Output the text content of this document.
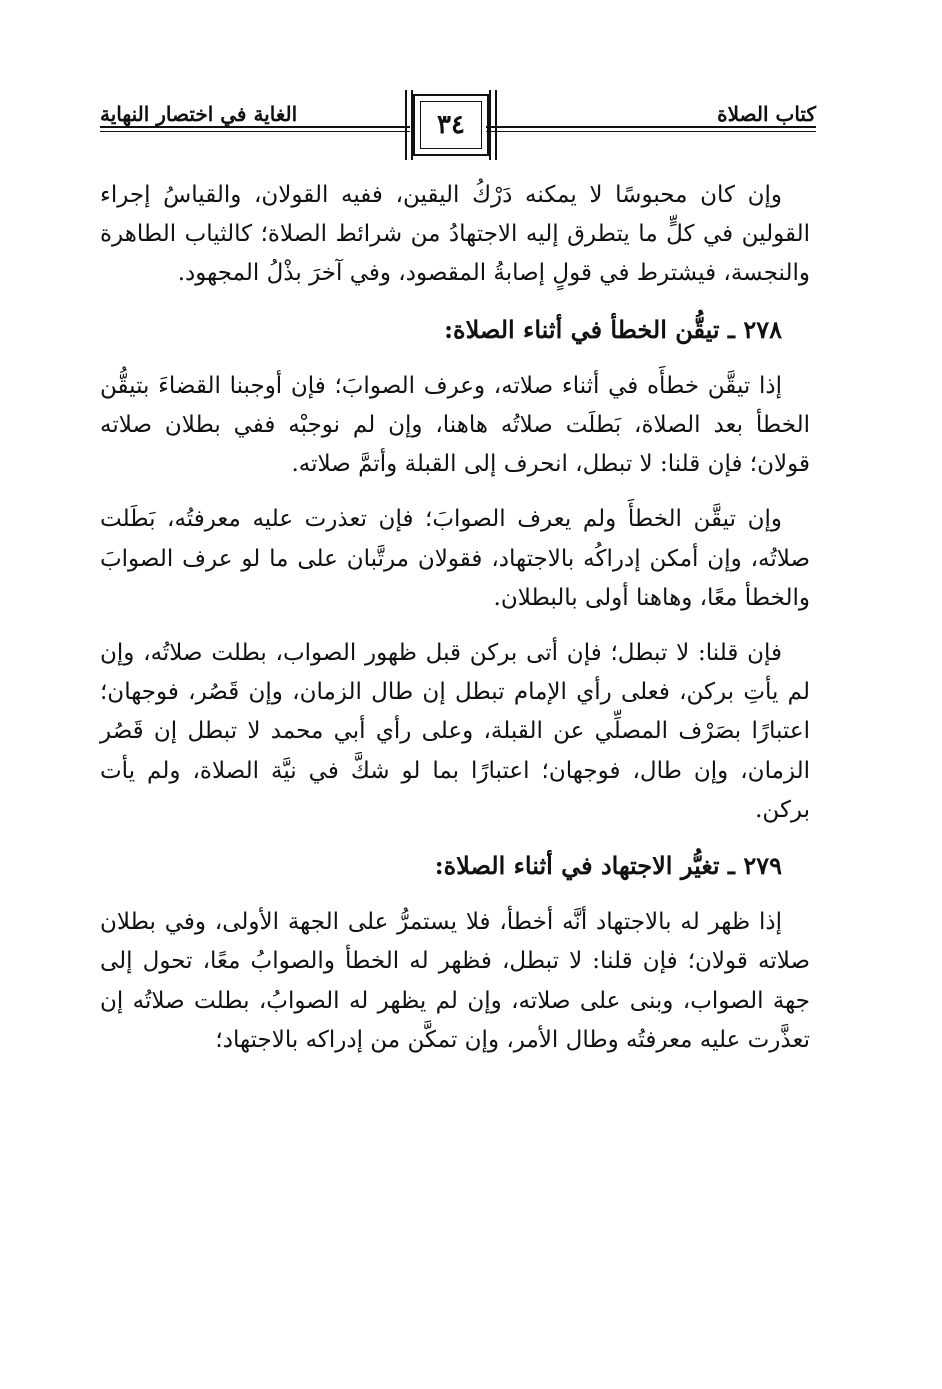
كتاب الصلاة
الغاية في اختصار النهاية	٣٤

وإن كان محبوسًا لا يمكنه دَرْكُ اليقين، ففيه القولان، والقياسُ إجراء القولين في كلٍّ ما يتطرق إليه الاجتهادُ من شرائط الصلاة؛ كالثياب الطاهرة والنجسة، فيشترط في قولٍ إصابةُ المقصود، وفي آخرَ بذْلُ المجهود.

٢٧٨ ـ تيقُّن الخطأ في أثناء الصلاة:

إذا تيقَّن خطأَه في أثناء صلاته، وعرف الصوابَ؛ فإن أوجبنا القضاءَ بتيقُّن الخطأ بعد الصلاة، بَطلَت صلاتُه هاهنا، وإن لم نوجبْه ففي بطلان صلاته قولان؛ فإن قلنا: لا تبطل، انحرف إلى القبلة وأتمَّ صلاته.

وإن تيقَّن الخطأَ ولم يعرف الصوابَ؛ فإن تعذرت عليه معرفتُه، بَطَلت صلاتُه، وإن أمكن إدراكُه بالاجتهاد، فقولان مرتَّبان على ما لو عرف الصوابَ والخطأ معًا، وهاهنا أولى بالبطلان.

فإن قلنا: لا تبطل؛ فإن أتى بركن قبل ظهور الصواب، بطلت صلاتُه، وإن لم يأتِ بركن، فعلى رأي الإمام تبطل إن طال الزمان، وإن قَصُر، فوجهان؛ اعتبارًا بصَرْف المصلِّي عن القبلة، وعلى رأي أبي محمد لا تبطل إن قَصُر الزمان، وإن طال، فوجهان؛ اعتبارًا بما لو شكَّ في نيَّة الصلاة، ولم يأت بركن.

٢٧٩ ـ تغيُّر الاجتهاد في أثناء الصلاة:

إذا ظهر له بالاجتهاد أنَّه أخطأ، فلا يستمرُّ على الجهة الأولى، وفي بطلان صلاته قولان؛ فإن قلنا: لا تبطل، فظهر له الخطأ والصوابُ معًا، تحول إلى جهة الصواب، وبنى على صلاته، وإن لم يظهر له الصوابُ، بطلت صلاتُه إن تعذَّرت عليه معرفتُه وطال الأمر، وإن تمكَّن من إدراكه بالاجتهاد؛
